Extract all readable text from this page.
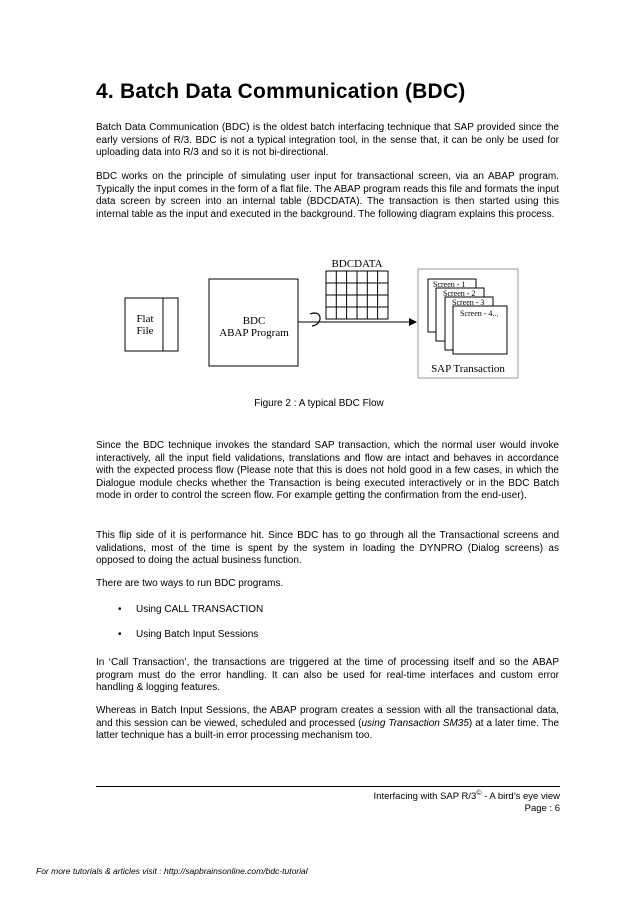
4. Batch Data Communication (BDC)
Batch Data Communication (BDC) is the oldest batch interfacing technique that SAP provided since the early versions of R/3. BDC is not a typical integration tool, in the sense that, it can be only be used for uploading data into R/3 and so it is not bi-directional.
BDC works on the principle of simulating user input for transactional screen, via an ABAP program. Typically the input comes in the form of a flat file. The ABAP program reads this file and formats the input data screen by screen into an internal table (BDCDATA). The transaction is then started using this internal table as the input and executed in the background. The following diagram explains this process.
Flat
File
BDC
ABAP Program
BDCDATA
Screen - 1
Screen - 2
Screen - 3
Screen - 4...
SAP Transaction
Figure 2 : A typical BDC Flow
Since the BDC technique invokes the standard SAP transaction, which the normal user would invoke interactively, all the input field validations, translations and flow are intact and behaves in accordance with the expected process flow (Please note that this is does not hold good in a few cases, in which the Dialogue module checks whether the Transaction is being executed interactively or in the BDC Batch mode in order to control the screen flow. For example getting the confirmation from the end-user).
This flip side of it is performance hit. Since BDC has to go through all the Transactional screens and validations, most of the time is spent by the system in loading the DYNPRO (Dialog screens) as opposed to doing the actual business function.
There are two ways to run BDC programs.
• Using CALL TRANSACTION
• Using Batch Input Sessions
In ‘Call Transaction’, the transactions are triggered at the time of processing itself and so the ABAP program must do the error handling. It can also be used for real-time interfaces and custom error handling & logging features.
Whereas in Batch Input Sessions, the ABAP program creates a session with all the transactional data, and this session can be viewed, scheduled and processed (using Transaction SM35) at a later time. The latter technique has a built-in error processing mechanism too.
Interfacing with SAP R/3© - A bird’s eye view
Page : 6
For more tutorials & articles visit : http://sapbrainsonline.com/bdc-tutorial
